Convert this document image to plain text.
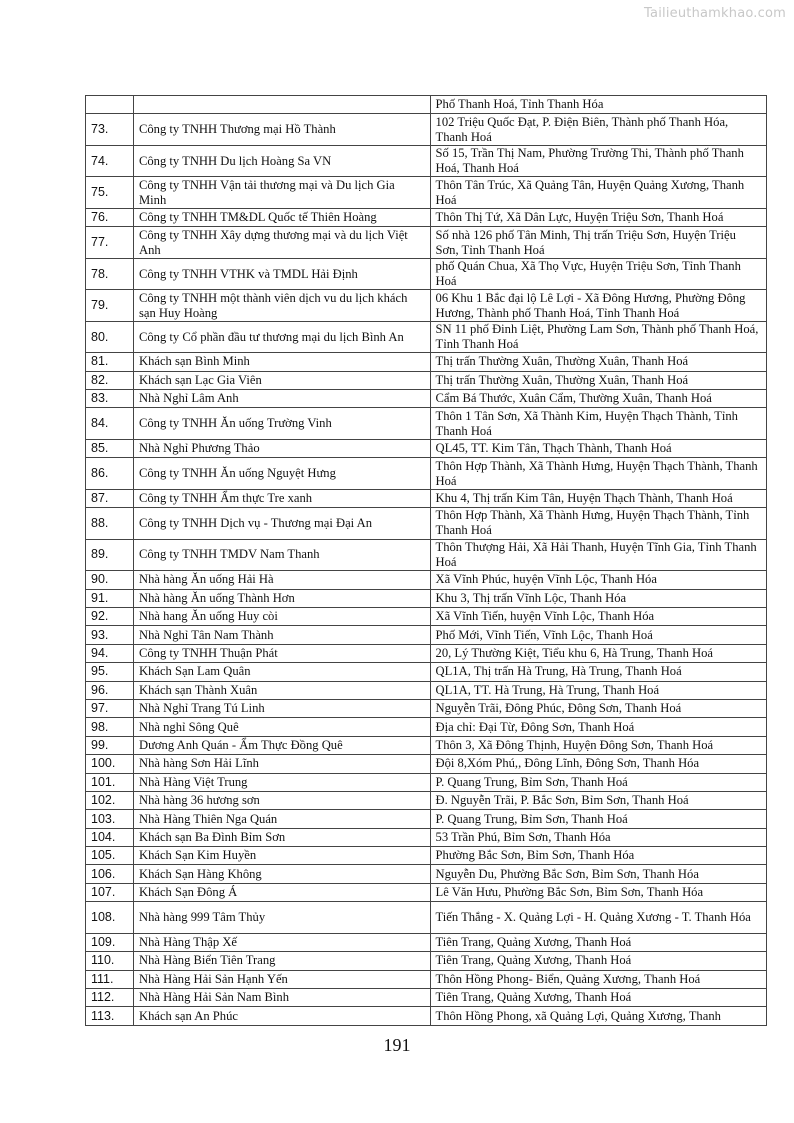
Tailieuthamkhao.com
		Phố Thanh Hoá, Tỉnh Thanh Hóa
73.	Công ty TNHH Thương mại Hồ Thành	102 Triệu Quốc Đạt, P. Điện Biên, Thành phố Thanh Hóa, Thanh Hoá
74.	Công ty TNHH Du lịch Hoàng Sa VN	Số 15, Trần Thị Nam, Phường Trường Thi, Thành phố Thanh Hoá, Thanh Hoá
75.	Công ty TNHH Vận tải thương mại và Du lịch Gia Minh	Thôn Tân Trúc, Xã Quảng Tân, Huyện Quảng Xương, Thanh Hoá
76.	Công ty TNHH TM&DL Quốc tế Thiên Hoàng	Thôn Thị Tứ, Xã Dân Lực, Huyện Triệu Sơn, Thanh Hoá
77.	Công ty TNHH Xây dựng thương mại và du lịch Việt Anh	Số nhà 126 phố Tân Minh, Thị trấn Triệu Sơn, Huyện Triệu Sơn, Tỉnh Thanh Hoá
78.	Công ty TNHH VTHK và TMDL Hải Định	phố Quán Chua, Xã Thọ Vực, Huyện Triệu Sơn, Tỉnh Thanh Hoá
79.	Công ty TNHH một thành viên dịch vu du lịch khách sạn Huy Hoàng	06 Khu 1 Bắc đại lộ Lê Lợi - Xã Đông Hương, Phường Đông Hương, Thành phố Thanh Hoá, Tỉnh Thanh Hoá
80.	Công ty Cổ phần đầu tư thương mại du lịch Bình An	SN 11 phố Đinh Liệt, Phường Lam Sơn, Thành phố Thanh Hoá, Tỉnh Thanh Hoá
81.	Khách sạn Bình Minh	Thị trấn Thường Xuân, Thường Xuân, Thanh Hoá
82.	Khách sạn Lạc Gia Viên	Thị trấn Thường Xuân, Thường Xuân, Thanh Hoá
83.	Nhà Nghỉ Lâm Anh	Cẩm Bá Thước, Xuân Cẩm, Thường Xuân, Thanh Hoá
84.	Công ty TNHH Ăn uống Trường Vinh	Thôn 1 Tân Sơn, Xã Thành Kim, Huyện Thạch Thành, Tỉnh Thanh Hoá
85.	Nhà Nghỉ Phương Thảo	QL45, TT. Kim Tân, Thạch Thành, Thanh Hoá
86.	Công ty TNHH Ăn uống Nguyệt Hưng	Thôn Hợp Thành, Xã Thành Hưng, Huyện Thạch Thành, Thanh Hoá
87.	Công ty TNHH Ẩm thực Tre xanh	Khu 4, Thị trấn Kim Tân, Huyện Thạch Thành, Thanh Hoá
88.	Công ty TNHH Dịch vụ - Thương mại Đại An	Thôn Hợp Thành, Xã Thành Hưng, Huyện Thạch Thành, Tỉnh Thanh Hoá
89.	Công ty TNHH TMDV Nam Thanh	Thôn Thượng Hải, Xã Hải Thanh, Huyện Tĩnh Gia, Tỉnh Thanh Hoá
90.	Nhà hàng Ăn uống Hải Hà	Xã Vĩnh Phúc, huyện Vĩnh Lộc, Thanh Hóa
91.	Nhà hàng Ăn uống Thành Hơn	Khu 3, Thị trấn Vĩnh Lộc, Thanh Hóa
92.	Nhà hang Ăn uống Huy còi	Xã Vĩnh Tiến, huyện Vĩnh Lộc, Thanh Hóa
93.	Nhà Nghỉ Tân Nam Thành	Phố Mới, Vĩnh Tiến, Vĩnh Lộc, Thanh Hoá
94.	Công ty TNHH Thuận Phát	20, Lý Thường Kiệt, Tiểu khu 6, Hà Trung, Thanh Hoá
95.	Khách Sạn Lam Quân	QL1A, Thị trấn Hà Trung, Hà Trung, Thanh Hoá
96.	Khách sạn Thành Xuân	QL1A, TT. Hà Trung, Hà Trung, Thanh Hoá
97.	Nhà Nghỉ Trang Tú Linh	Nguyễn Trãi, Đông Phúc, Đông Sơn, Thanh Hoá
98.	Nhà nghỉ Sông Quê	Địa chỉ: Đại Từ, Đông Sơn, Thanh Hoá
99.	Dương Anh Quán - Ẩm Thực Đồng Quê	Thôn 3, Xã Đông Thịnh, Huyện Đông Sơn, Thanh Hoá
100.	Nhà hàng Sơn Hải Lĩnh	Đội 8,Xóm Phú,, Đông Lĩnh, Đông Sơn, Thanh Hóa
101.	Nhà Hàng Việt Trung	P. Quang Trung, Bỉm Sơn, Thanh Hoá
102.	Nhà hàng 36 hương sơn	Đ. Nguyễn Trãi, P. Bắc Sơn, Bỉm Sơn, Thanh Hoá
103.	Nhà Hàng Thiên Nga Quán	P. Quang Trung, Bỉm Sơn, Thanh Hoá
104.	Khách sạn Ba Đình Bỉm Sơn	53 Trần Phú, Bỉm Sơn, Thanh Hóa
105.	Khách Sạn Kim Huyền	Phường Bắc Sơn, Bỉm Sơn, Thanh Hóa
106.	Khách Sạn Hàng Không	Nguyễn Du, Phường Bắc Sơn, Bỉm Sơn, Thanh Hóa
107.	Khách Sạn Đông Á	Lê Văn Hưu, Phường Bắc Sơn, Bỉm Sơn, Thanh Hóa
108.	Nhà hàng 999 Tâm Thủy	Tiến Thắng - X. Quảng Lợi - H. Quảng Xương - T. Thanh Hóa
109.	Nhà Hàng Thập Xế	Tiên Trang, Quảng Xương, Thanh Hoá
110.	Nhà Hàng Biển Tiên Trang	Tiên Trang, Quảng Xương, Thanh Hoá
111.	Nhà Hàng Hải Sản Hạnh Yến	Thôn Hồng Phong- Biển, Quảng Xương, Thanh Hoá
112.	Nhà Hàng Hải Sản Nam Bình	Tiên Trang, Quảng Xương, Thanh Hoá
113.	Khách sạn An Phúc	Thôn Hồng Phong, xã Quảng Lợi, Quảng Xương, Thanh
191
